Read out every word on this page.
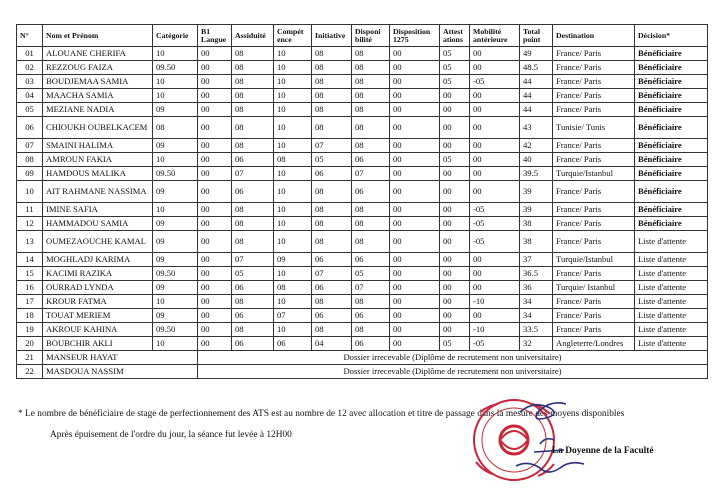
N°	Nom et Prénom	Catégorie	B1 Langue	Assiduité	Compét ence	Initiative	Disponi bilité	Disposition 1275	Attest ations	Mobilité antérieure	Total point	Destination	Décision*
01	ALOUANE CHERIFA	10	00	08	10	08	08	00	05	00	49	France/ Paris	Bénéficiaire
02	REZZOUG FAIZA	09.50	00	08	10	08	08	00	05	00	48.5	France/ Paris	Bénéficiaire
03	BOUDJEMAA SAMIA	10	00	08	10	08	08	00	05	-05	44	France/ Paris	Bénéficiaire
04	MAACHA SAMIA	10	00	08	10	08	08	00	00	00	44	France/ Paris	Bénéficiaire
05	MEZIANE NADIA	09	00	08	10	08	08	00	00	00	44	France/ Paris	Bénéficiaire
06	CHIOUKH OUBELKACEM	08	00	08	10	08	08	00	00	00	43	Tunisie/ Tunis	Bénéficiaire
07	SMAINI HALIMA	09	00	08	10	07	08	00	00	00	42	France/ Paris	Bénéficiaire
08	AMROUN FAKIA	10	00	06	08	05	06	00	05	00	40	France/ Paris	Bénéficiaire
09	HAMDOUS MALIKA	09.50	00	07	10	06	07	00	00	00	39.5	Turquie/Istanbul	Bénéficiaire
10	AIT RAHMANE NASSIMA	09	00	06	10	08	06	00	00	00	39	France/ Paris	Bénéficiaire
11	IMINE SAFIA	10	00	08	10	08	08	00	00	-05	39	France/ Paris	Bénéficiaire
12	HAMMADOU SAMIA	09	00	08	10	08	08	00	00	-05	38	France/ Paris	Bénéficiaire
13	OUMEZAOUCHE KAMAL	09	00	08	10	08	08	00	00	-05	38	France/ Paris	Liste d'attente
14	MOGHLADJ KARIMA	09	00	07	09	06	06	00	00	00	37	Turquie/Istanbul	Liste d'attente
15	KACIMI RAZIKA	09.50	00	05	10	07	05	00	00	00	36.5	France/ Paris	Liste d'attente
16	OURRAD LYNDA	09	00	06	08	06	07	00	00	00	36	Turquie/ Istanbul	Liste d'attente
17	KROUR FATMA	10	00	08	10	08	08	00	00	-10	34	France/ Paris	Liste d'attente
18	TOUAT MERIEM	09	00	06	07	06	06	00	00	00	34	France/ Paris	Liste d'attente
19	AKROUF KAHINA	09.50	00	08	10	08	08	00	00	-10	33.5	France/ Paris	Liste d'attente
20	BOUBCHIR AKLI	10	00	06	06	04	06	00	05	-05	32	Angleterre/Londres	Liste d'attente
21	MANSEUR HAYAT		Dossier irrecevable (Diplôme de recrutement non universitaire)										
22	MASDOUA NASSIM		Dossier irrecevable (Diplôme de recrutement non universitaire)										
* Le nombre de bénéficiaire de stage de perfectionnement des ATS est au nombre de 12 avec allocation et titre de passage dans la mesure des moyens disponibles
Après épuisement de l'ordre du jour, la séance fut levée à 12H00
La Doyenne de la Faculté
